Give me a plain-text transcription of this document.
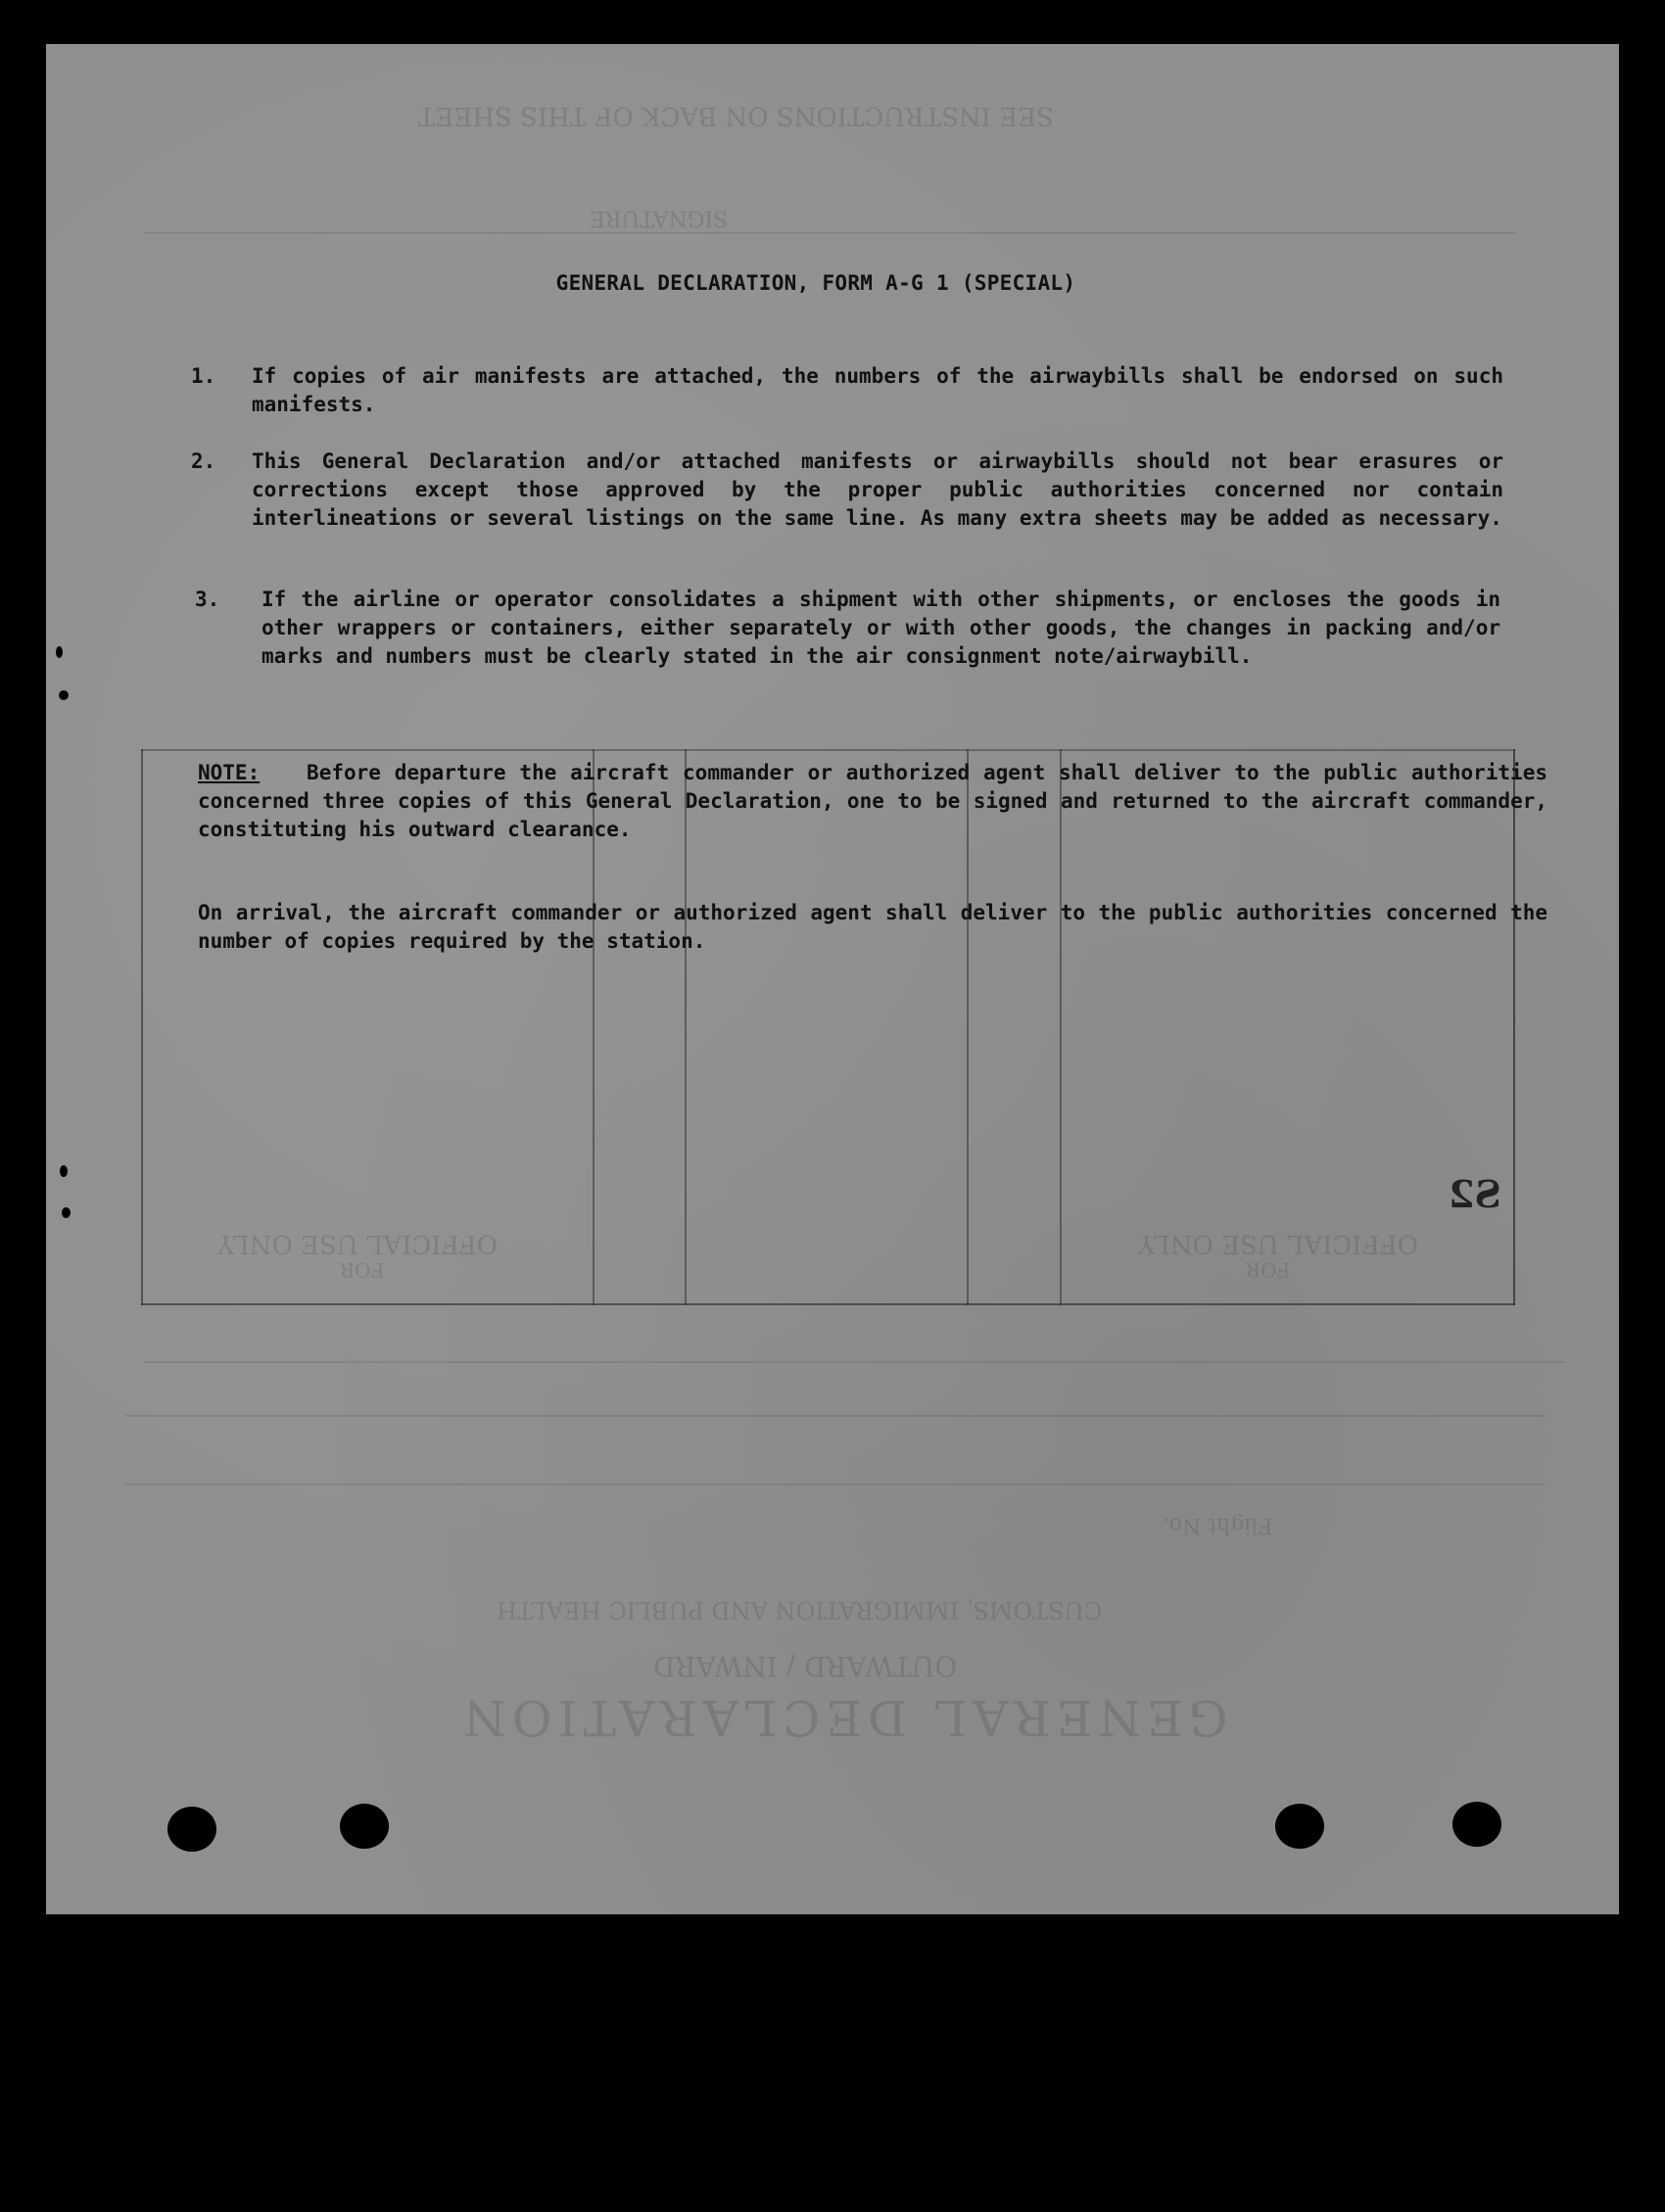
SEE INSTRUCTIONS ON BACK OF THIS SHEET
SIGNATURE
OFFICIAL USE ONLY
FOR
OFFICIAL USE ONLY
FOR
Flight No.
CUSTOMS, IMMIGRATION AND PUBLIC HEALTH
OUTWARD / INWARD
GENERAL DECLARATION
GENERAL DECLARATION, FORM A-G 1 (SPECIAL)
1. If copies of air manifests are attached, the numbers of the airwaybills shall be endorsed on such manifests.
2. This General Declaration and/or attached manifests or airwaybills should not bear erasures or corrections except those approved by the proper public authorities concerned nor contain interlineations or several listings on the same line. As many extra sheets may be added as necessary.
3. If the airline or operator consolidates a shipment with other shipments, or encloses the goods in other wrappers or containers, either separately or with other goods, the changes in packing and/or marks and numbers must be clearly stated in the air consignment note/airwaybill.
NOTE: Before departure the aircraft commander or authorized agent shall deliver to the public authorities concerned three copies of this General Declaration, one to be signed and returned to the aircraft commander, constituting his outward clearance.
On arrival, the aircraft commander or authorized agent shall deliver to the public authorities concerned the number of copies required by the station.
S2
